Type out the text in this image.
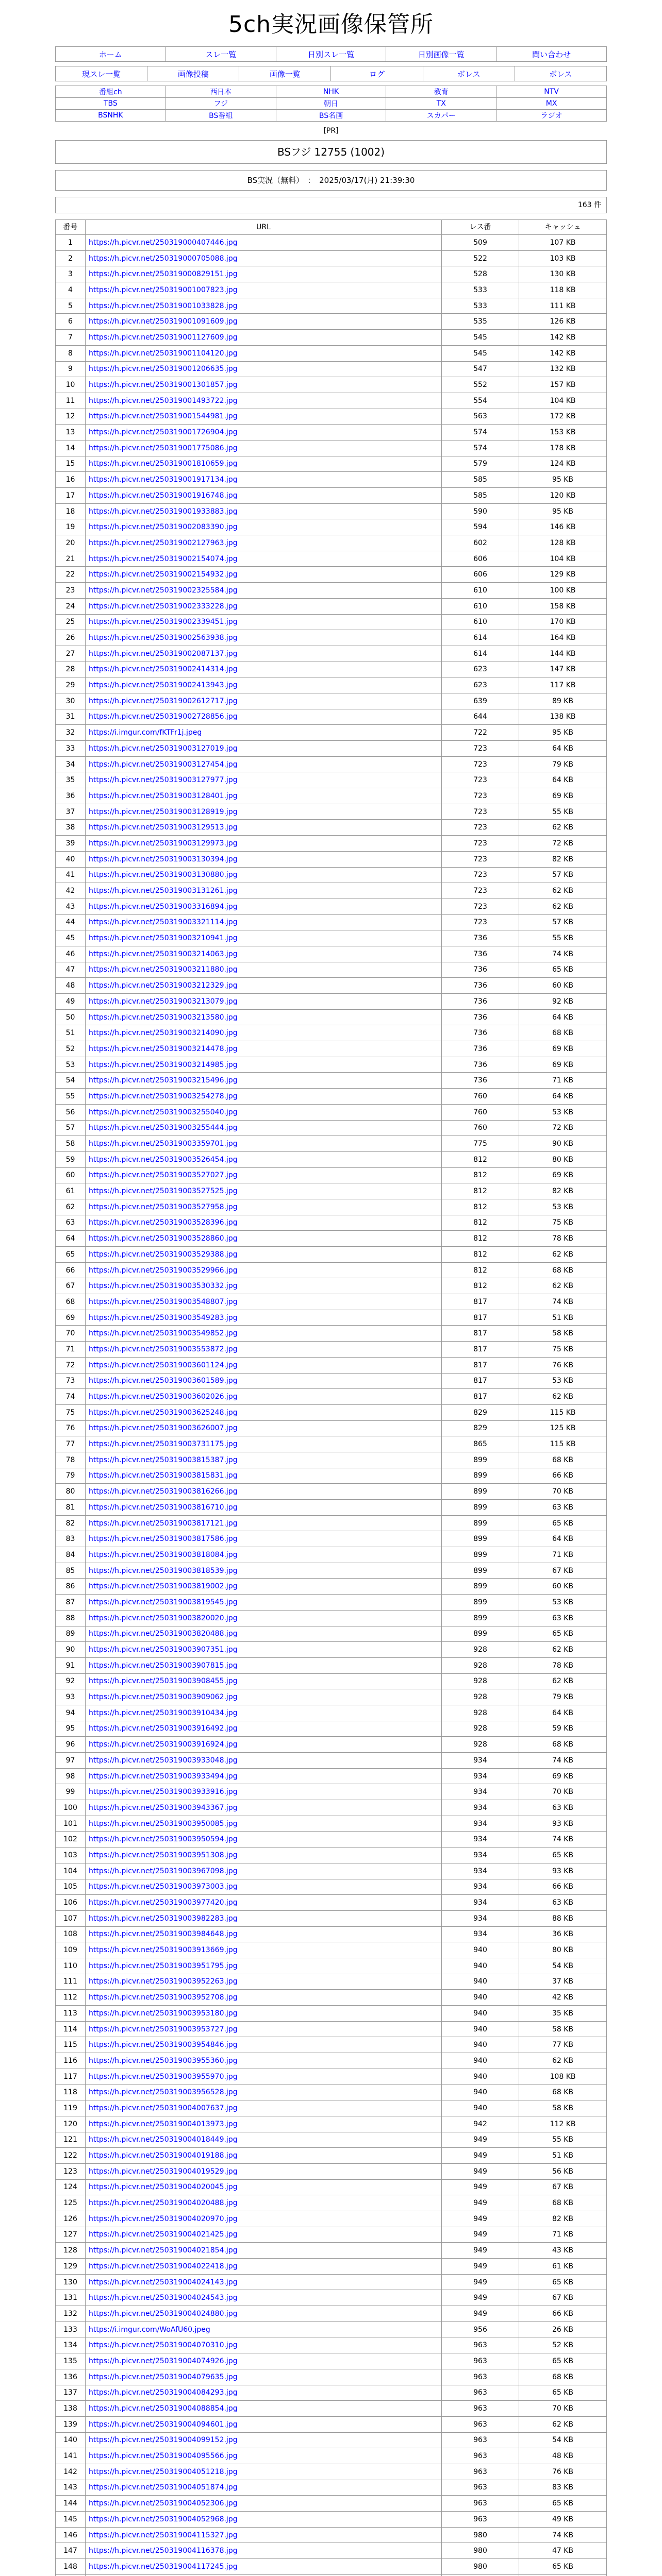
5ch実況画像保管所
ホーム	スレ一覧	日別スレ一覧	日別画像一覧	問い合わせ
現スレ一覧	画像投稿	画像一覧	ログ	ボレス	ボレス
番組ch	西日本	NHK	教育	NTV
TBS	フジ	朝日	TX	MX
BSNHK	BS番組	BS名画	スカパー	ラジオ
[PR]
BSフジ 12755 (1002)
BS実況（無料）　：　2025/03/17(月) 21:39:30
163 件
番号	URL	レス番	キャッシュ
1	https://h.picvr.net/250319000407446.jpg	509	107 KB
2	https://h.picvr.net/250319000705088.jpg	522	103 KB
3	https://h.picvr.net/250319000829151.jpg	528	130 KB
4	https://h.picvr.net/250319001007823.jpg	533	118 KB
5	https://h.picvr.net/250319001033828.jpg	533	111 KB
6	https://h.picvr.net/250319001091609.jpg	535	126 KB
7	https://h.picvr.net/250319001127609.jpg	545	142 KB
8	https://h.picvr.net/250319001104120.jpg	545	142 KB
9	https://h.picvr.net/250319001206635.jpg	547	132 KB
10	https://h.picvr.net/250319001301857.jpg	552	157 KB
11	https://h.picvr.net/250319001493722.jpg	554	104 KB
12	https://h.picvr.net/250319001544981.jpg	563	172 KB
13	https://h.picvr.net/250319001726904.jpg	574	153 KB
14	https://h.picvr.net/250319001775086.jpg	574	178 KB
15	https://h.picvr.net/250319001810659.jpg	579	124 KB
16	https://h.picvr.net/250319001917134.jpg	585	95 KB
17	https://h.picvr.net/250319001916748.jpg	585	120 KB
18	https://h.picvr.net/250319001933883.jpg	590	95 KB
19	https://h.picvr.net/250319002083390.jpg	594	146 KB
20	https://h.picvr.net/250319002127963.jpg	602	128 KB
21	https://h.picvr.net/250319002154074.jpg	606	104 KB
22	https://h.picvr.net/250319002154932.jpg	606	129 KB
23	https://h.picvr.net/250319002325584.jpg	610	100 KB
24	https://h.picvr.net/250319002333228.jpg	610	158 KB
25	https://h.picvr.net/250319002339451.jpg	610	170 KB
26	https://h.picvr.net/250319002563938.jpg	614	164 KB
27	https://h.picvr.net/250319002087137.jpg	614	144 KB
28	https://h.picvr.net/250319002414314.jpg	623	147 KB
29	https://h.picvr.net/250319002413943.jpg	623	117 KB
30	https://h.picvr.net/250319002612717.jpg	639	89 KB
31	https://h.picvr.net/250319002728856.jpg	644	138 KB
32	https://i.imgur.com/fKTFr1j.jpeg	722	95 KB
33	https://h.picvr.net/250319003127019.jpg	723	64 KB
34	https://h.picvr.net/250319003127454.jpg	723	79 KB
35	https://h.picvr.net/250319003127977.jpg	723	64 KB
36	https://h.picvr.net/250319003128401.jpg	723	69 KB
37	https://h.picvr.net/250319003128919.jpg	723	55 KB
38	https://h.picvr.net/250319003129513.jpg	723	62 KB
39	https://h.picvr.net/250319003129973.jpg	723	72 KB
40	https://h.picvr.net/250319003130394.jpg	723	82 KB
41	https://h.picvr.net/250319003130880.jpg	723	57 KB
42	https://h.picvr.net/250319003131261.jpg	723	62 KB
43	https://h.picvr.net/250319003316894.jpg	723	62 KB
44	https://h.picvr.net/250319003321114.jpg	723	57 KB
45	https://h.picvr.net/250319003210941.jpg	736	55 KB
46	https://h.picvr.net/250319003214063.jpg	736	74 KB
47	https://h.picvr.net/250319003211880.jpg	736	65 KB
48	https://h.picvr.net/250319003212329.jpg	736	60 KB
49	https://h.picvr.net/250319003213079.jpg	736	92 KB
50	https://h.picvr.net/250319003213580.jpg	736	64 KB
51	https://h.picvr.net/250319003214090.jpg	736	68 KB
52	https://h.picvr.net/250319003214478.jpg	736	69 KB
53	https://h.picvr.net/250319003214985.jpg	736	69 KB
54	https://h.picvr.net/250319003215496.jpg	736	71 KB
55	https://h.picvr.net/250319003254278.jpg	760	64 KB
56	https://h.picvr.net/250319003255040.jpg	760	53 KB
57	https://h.picvr.net/250319003255444.jpg	760	72 KB
58	https://h.picvr.net/250319003359701.jpg	775	90 KB
59	https://h.picvr.net/250319003526454.jpg	812	80 KB
60	https://h.picvr.net/250319003527027.jpg	812	69 KB
61	https://h.picvr.net/250319003527525.jpg	812	82 KB
62	https://h.picvr.net/250319003527958.jpg	812	53 KB
63	https://h.picvr.net/250319003528396.jpg	812	75 KB
64	https://h.picvr.net/250319003528860.jpg	812	78 KB
65	https://h.picvr.net/250319003529388.jpg	812	62 KB
66	https://h.picvr.net/250319003529966.jpg	812	68 KB
67	https://h.picvr.net/250319003530332.jpg	812	62 KB
68	https://h.picvr.net/250319003548807.jpg	817	74 KB
69	https://h.picvr.net/250319003549283.jpg	817	51 KB
70	https://h.picvr.net/250319003549852.jpg	817	58 KB
71	https://h.picvr.net/250319003553872.jpg	817	75 KB
72	https://h.picvr.net/250319003601124.jpg	817	76 KB
73	https://h.picvr.net/250319003601589.jpg	817	53 KB
74	https://h.picvr.net/250319003602026.jpg	817	62 KB
75	https://h.picvr.net/250319003625248.jpg	829	115 KB
76	https://h.picvr.net/250319003626007.jpg	829	125 KB
77	https://h.picvr.net/250319003731175.jpg	865	115 KB
78	https://h.picvr.net/250319003815387.jpg	899	68 KB
79	https://h.picvr.net/250319003815831.jpg	899	66 KB
80	https://h.picvr.net/250319003816266.jpg	899	70 KB
81	https://h.picvr.net/250319003816710.jpg	899	63 KB
82	https://h.picvr.net/250319003817121.jpg	899	65 KB
83	https://h.picvr.net/250319003817586.jpg	899	64 KB
84	https://h.picvr.net/250319003818084.jpg	899	71 KB
85	https://h.picvr.net/250319003818539.jpg	899	67 KB
86	https://h.picvr.net/250319003819002.jpg	899	60 KB
87	https://h.picvr.net/250319003819545.jpg	899	53 KB
88	https://h.picvr.net/250319003820020.jpg	899	63 KB
89	https://h.picvr.net/250319003820488.jpg	899	65 KB
90	https://h.picvr.net/250319003907351.jpg	928	62 KB
91	https://h.picvr.net/250319003907815.jpg	928	78 KB
92	https://h.picvr.net/250319003908455.jpg	928	62 KB
93	https://h.picvr.net/250319003909062.jpg	928	79 KB
94	https://h.picvr.net/250319003910434.jpg	928	64 KB
95	https://h.picvr.net/250319003916492.jpg	928	59 KB
96	https://h.picvr.net/250319003916924.jpg	928	68 KB
97	https://h.picvr.net/250319003933048.jpg	934	74 KB
98	https://h.picvr.net/250319003933494.jpg	934	69 KB
99	https://h.picvr.net/250319003933916.jpg	934	70 KB
100	https://h.picvr.net/250319003943367.jpg	934	63 KB
101	https://h.picvr.net/250319003950085.jpg	934	93 KB
102	https://h.picvr.net/250319003950594.jpg	934	74 KB
103	https://h.picvr.net/250319003951308.jpg	934	65 KB
104	https://h.picvr.net/250319003967098.jpg	934	93 KB
105	https://h.picvr.net/250319003973003.jpg	934	66 KB
106	https://h.picvr.net/250319003977420.jpg	934	63 KB
107	https://h.picvr.net/250319003982283.jpg	934	88 KB
108	https://h.picvr.net/250319003984648.jpg	934	36 KB
109	https://h.picvr.net/250319003913669.jpg	940	80 KB
110	https://h.picvr.net/250319003951795.jpg	940	54 KB
111	https://h.picvr.net/250319003952263.jpg	940	37 KB
112	https://h.picvr.net/250319003952708.jpg	940	42 KB
113	https://h.picvr.net/250319003953180.jpg	940	35 KB
114	https://h.picvr.net/250319003953727.jpg	940	58 KB
115	https://h.picvr.net/250319003954846.jpg	940	77 KB
116	https://h.picvr.net/250319003955360.jpg	940	62 KB
117	https://h.picvr.net/250319003955970.jpg	940	108 KB
118	https://h.picvr.net/250319003956528.jpg	940	68 KB
119	https://h.picvr.net/250319004007637.jpg	940	58 KB
120	https://h.picvr.net/250319004013973.jpg	942	112 KB
121	https://h.picvr.net/250319004018449.jpg	949	55 KB
122	https://h.picvr.net/250319004019188.jpg	949	51 KB
123	https://h.picvr.net/250319004019529.jpg	949	56 KB
124	https://h.picvr.net/250319004020045.jpg	949	67 KB
125	https://h.picvr.net/250319004020488.jpg	949	68 KB
126	https://h.picvr.net/250319004020970.jpg	949	82 KB
127	https://h.picvr.net/250319004021425.jpg	949	71 KB
128	https://h.picvr.net/250319004021854.jpg	949	43 KB
129	https://h.picvr.net/250319004022418.jpg	949	61 KB
130	https://h.picvr.net/250319004024143.jpg	949	65 KB
131	https://h.picvr.net/250319004024543.jpg	949	67 KB
132	https://h.picvr.net/250319004024880.jpg	949	66 KB
133	https://i.imgur.com/WoAfU60.jpeg	956	26 KB
134	https://h.picvr.net/250319004070310.jpg	963	52 KB
135	https://h.picvr.net/250319004074926.jpg	963	65 KB
136	https://h.picvr.net/250319004079635.jpg	963	68 KB
137	https://h.picvr.net/250319004084293.jpg	963	65 KB
138	https://h.picvr.net/250319004088854.jpg	963	70 KB
139	https://h.picvr.net/250319004094601.jpg	963	62 KB
140	https://h.picvr.net/250319004099152.jpg	963	54 KB
141	https://h.picvr.net/250319004095566.jpg	963	48 KB
142	https://h.picvr.net/250319004051218.jpg	963	76 KB
143	https://h.picvr.net/250319004051874.jpg	963	83 KB
144	https://h.picvr.net/250319004052306.jpg	963	65 KB
145	https://h.picvr.net/250319004052968.jpg	963	49 KB
146	https://h.picvr.net/250319004115327.jpg	980	74 KB
147	https://h.picvr.net/250319004116378.jpg	980	47 KB
148	https://h.picvr.net/250319004117245.jpg	980	65 KB
